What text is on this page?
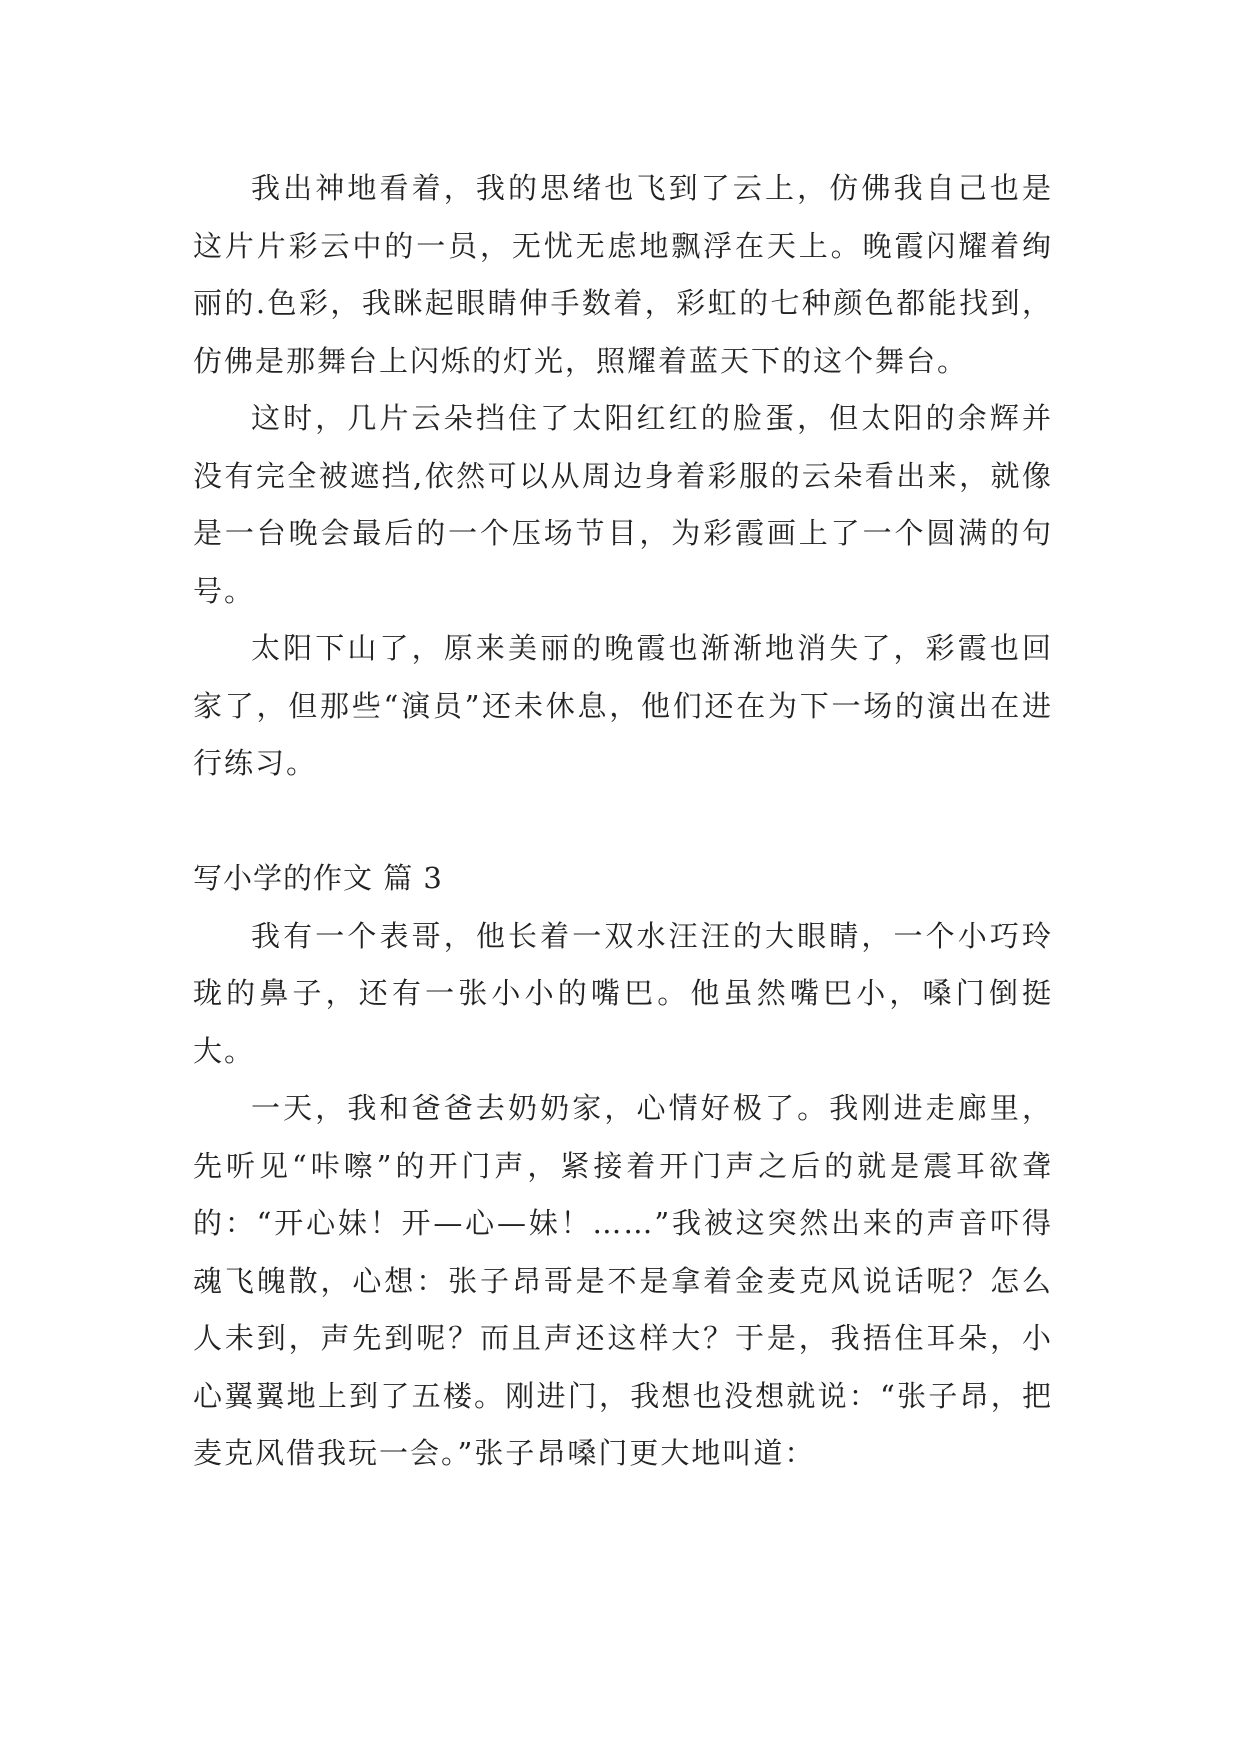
我出神地看着，我的思绪也飞到了云上，仿佛我自己也是这片片彩云中的一员，无忧无虑地飘浮在天上。晚霞闪耀着绚丽的.色彩，我眯起眼睛伸手数着，彩虹的七种颜色都能找到，仿佛是那舞台上闪烁的灯光，照耀着蓝天下的这个舞台。

这时，几片云朵挡住了太阳红红的脸蛋，但太阳的余辉并没有完全被遮挡,依然可以从周边身着彩服的云朵看出来，就像是一台晚会最后的一个压场节目，为彩霞画上了一个圆满的句号。

太阳下山了，原来美丽的晚霞也渐渐地消失了，彩霞也回家了，但那些“演员”还未休息，他们还在为下一场的演出在进行练习。

写小学的作文 篇 3

我有一个表哥，他长着一双水汪汪的大眼睛，一个小巧玲珑的鼻子，还有一张小小的嘴巴。他虽然嘴巴小，嗓门倒挺大。

一天，我和爸爸去奶奶家，心情好极了。我刚进走廊里，先听见“咔嚓”的开门声，紧接着开门声之后的就是震耳欲聋的：“开心妹！开—心—妹！……”我被这突然出来的声音吓得魂飞魄散，心想：张子昂哥是不是拿着金麦克风说话呢？怎么人未到，声先到呢？而且声还这样大？于是，我捂住耳朵，小心翼翼地上到了五楼。刚进门，我想也没想就说：“张子昂，把麦克风借我玩一会。”张子昂嗓门更大地叫道：
